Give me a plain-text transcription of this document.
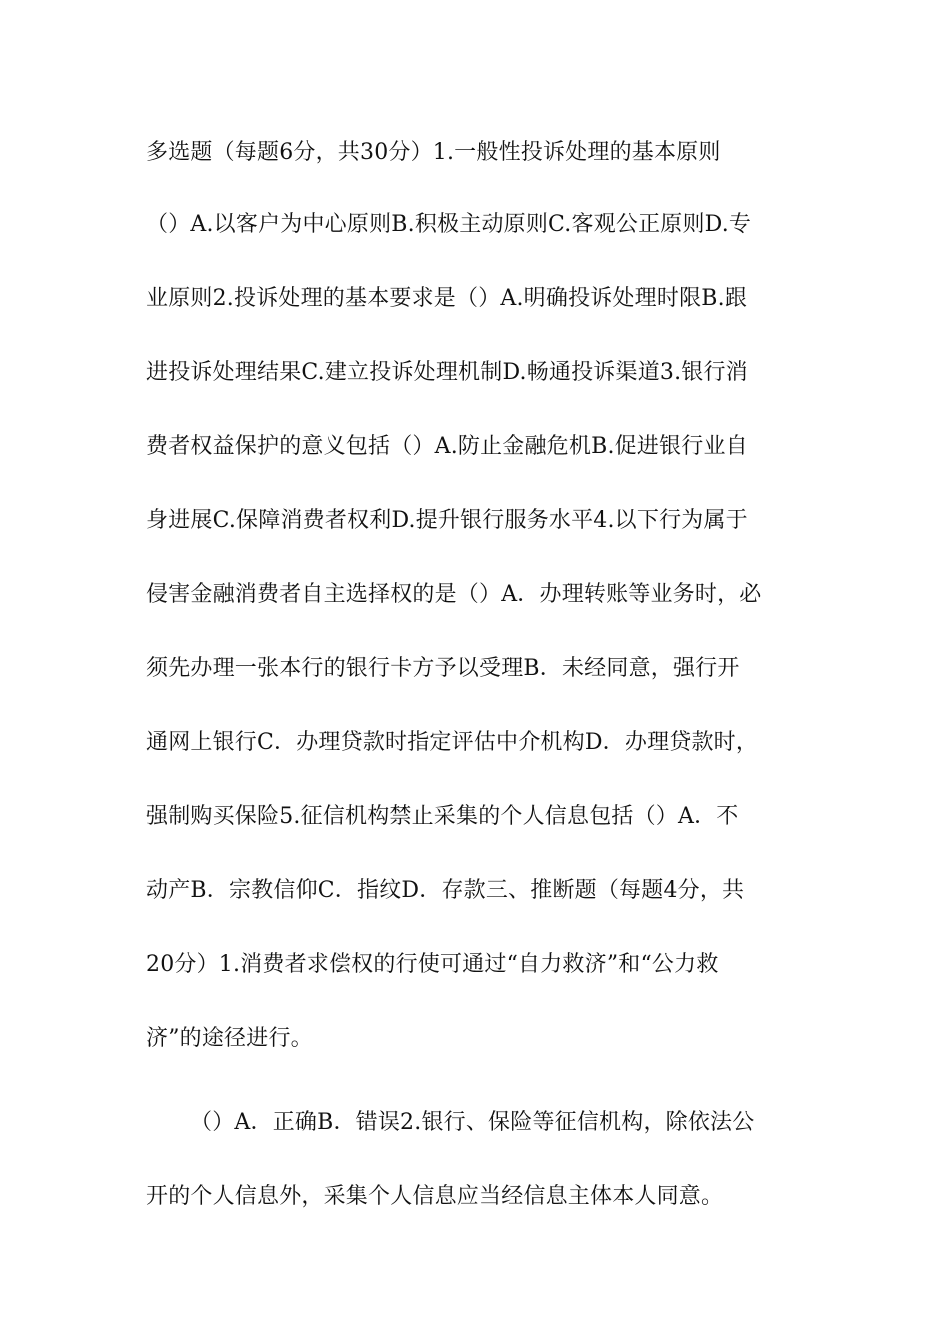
多选题（每题6分，共30分）1.一般性投诉处理的基本原则
（）A.以客户为中心原则B.积极主动原则C.客观公正原则D.专
业原则2.投诉处理的基本要求是（）A.明确投诉处理时限B.跟
进投诉处理结果C.建立投诉处理机制D.畅通投诉渠道3.银行消
费者权益保护的意义包括（）A.防止金融危机B.促进银行业自
身进展C.保障消费者权利D.提升银行服务水平4.以下行为属于
侵害金融消费者自主选择权的是（）A．办理转账等业务时，必
须先办理一张本行的银行卡方予以受理B．未经同意，强行开
通网上银行C．办理贷款时指定评估中介机构D．办理贷款时，
强制购买保险5.征信机构禁止采集的个人信息包括（）A．不
动产B．宗教信仰C．指纹D．存款三、推断题（每题4分，共
20分）1.消费者求偿权的行使可通过“自力救济”和“公力救
济”的途径进行。
（）A．正确B．错误2.银行、保险等征信机构，除依法公
开的个人信息外，采集个人信息应当经信息主体本人同意。
